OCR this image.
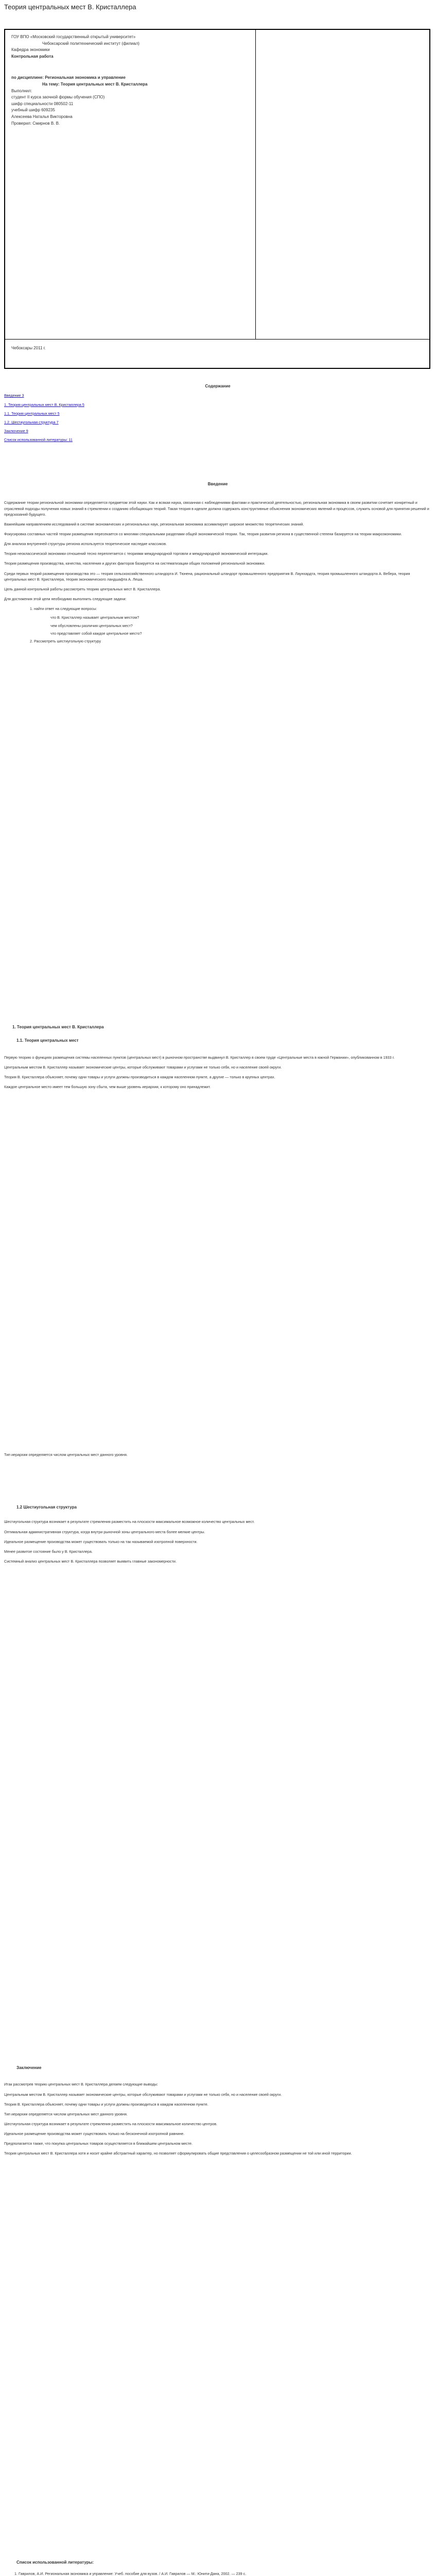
Теория центральных мест В. Кристаллера
ГОУ ВПО «Московский государственный открытый университет»
Чебоксарский политехнический институт (филиал)
Кафедра экономики
Контрольная работа
по дисциплине: Региональная экономика и управление
На тему: Теория центральных мест В. Кристаллера
Выполнил:
студент II курса заочной формы обучения (СПО)
шифр специальности 080502-11
учебный шифр 609235
Алексеева Наталья Викторовна
Проверил: Смирнов В. В.
Чебоксары 2011 г.
Содержание
Введение 3
1. Теория центральных мест В. Кристаллера 5
1.1. Теория центральных мест 5
1.2. Шестиугольная структура 7
Заключение 9
Список использованной литературы: 11
Введение
Содержание теории региональной экономики определяется предметом этой науки. Как и всякая наука, связанная с наблюдениями фактами и практической деятельностью, региональная экономика в своем развитии сочетает конкретный и отраслевой подходы получения новых знаний в стремлении к созданию обобщающих теорий. Такая теория в идеале должна содержать конструктивные объяснения экономических явлений и процессов, служить основой для принятия решений и предсказаний будущего.
Важнейшим направлением исследований в системе экономических и региональных наук, региональная экономика ассимилирует широкое множество теоретических знаний.
Фокусировка составных частей теории размещения пересекается со многими специальными разделами общей экономической теории. Так, теория развития региона в существенной степени базируется на теории макроэкономики.
Для анализа внутренней структуры региона используется теоретическое наследие классиков.
Теория неоклассической экономики отношений тесно переплетается с теориями международной торговли и международной экономической интеграции.
Теория размещения производства, качества, населения и других факторов базируется на систематизации общих положений региональной экономики.
Среди первых теорий размещения производства это — теория сельскохозяйственного штандорта И. Тюнена, рациональный штандорт промышленного предприятия В. Лаунхардта, теория промышленного штандорта А. Вебера, теория центральных мест В. Кристаллера, теория экономического ландшафта А. Леша.
Цель данной контрольной работы рассмотреть теорию центральных мест В. Кристаллера.
Для достижения этой цели необходимо выполнить следующие задачи:
1. найти ответ на следующие вопросы:
что В. Кристаллер называет центральным местом?
чем обусловлены различия центральных мест?
что представляет собой каждое центральное место?
2. Рассмотреть шестиугольную структуру
1. Теория центральных мест В. Кристаллера
1.1. Теория центральных мест
Первую теорию о функциях размещения системы населенных пунктов (центральных мест) в рыночном пространстве выдвинул В. Кристаллер в своем труде «Центральные места в южной Германии», опубликованном в 1933 г.
Центральным местом В. Кристаллер называет экономические центры, которые обслуживают товарами и услугами не только себя, но и население своей округи.
Теория В. Кристаллера объясняет, почему одни товары и услуги должны производиться в каждом населенном пункте, а другие — только в крупных центрах.
Каждое центральное место имеет тем большую зону сбыта, чем выше уровень иерархии, к которому оно принадлежит.
Тип иерархии определяется числом центральных мест данного уровня.
1.2 Шестиугольная структура
Шестиугольная структура возникает в результате стремления разместить на плоскости максимальное возможное количество центральных мест.
Оптимальная административная структура, когда внутри рыночной зоны центрального места более мелкие центры.
Идеальное размещение производства может существовать только на так называемой изотропной поверхности.
Менее развитое состояние было у В. Кристаллера.
Системный анализ центральных мест В. Кристаллера позволяет выявить главные закономерности.
Заключение
Итак рассмотрев теорию центральных мест В. Кристаллера делаем следующие выводы:
Центральным местом В. Кристаллер называет экономические центры, которые обслуживают товарами и услугами не только себя, но и население своей округи.
Теория В. Кристаллера объясняет, почему одни товары и услуги должны производиться в каждом населенном пункте.
Тип иерархии определяется числом центральных мест данного уровня.
Шестиугольная структура возникает в результате стремления разместить на плоскости максимальное количество центров.
Идеальное размещение производства может существовать только на бесконечной изотропной равнине.
Предполагается также, что покупка центральных товаров осуществляется в ближайшем центральном месте.
Теория центральных мест В. Кристаллера хотя и носит крайне абстрактный характер, но позволяет сформулировать общие представления о целесообразном размещении не той или иной территории.
Список использованной литературы:
1. Гаврилов, А.И. Региональная экономика и управление: Учеб. пособие для вузов. / А.И. Гаврилов — М.: Юнити-Дана, 2002. — 239 с.
